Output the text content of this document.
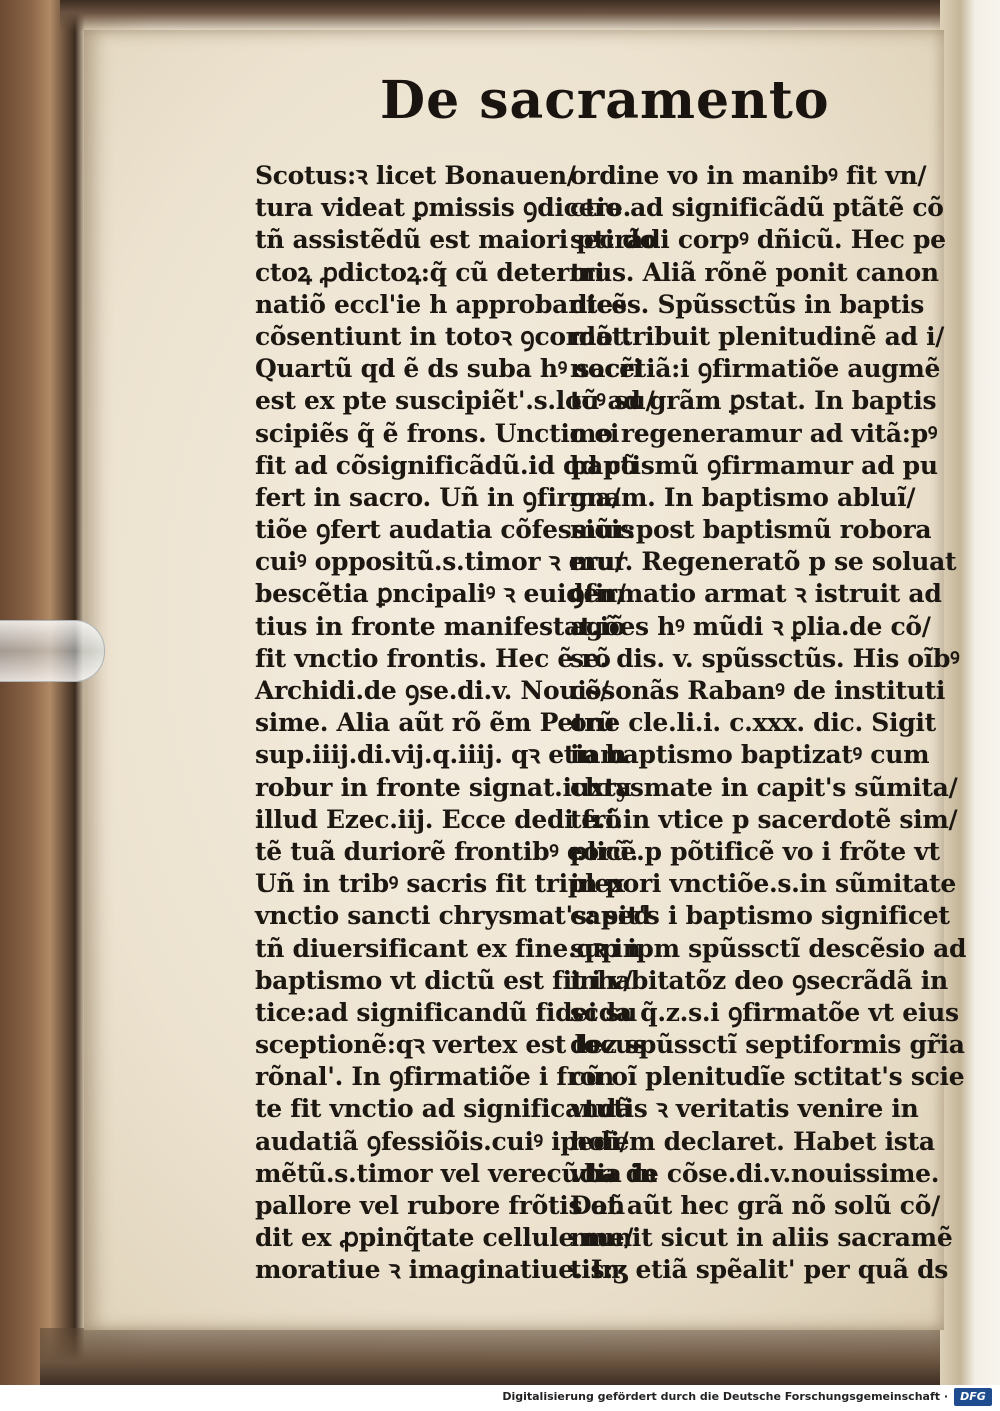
De sacramento
Scotus:ꝛ licet Bonauen/
tura videat ꝑmissis ꝯdicere.
tñ assistẽdũ est maiori pti do
ctoꝝ ꝓdictoꝝ:q̃ cũ determi
natiõ eccl'ie h approbantes
cõsentiunt in totoꝛ ꝯcordãt.
Quartũ qd ẽ ds suba hꝰ sacri
est ex pte suscipiẽt'.s.locꝰ su/
scipiẽs q̃ ẽ frons. Unctio ei
fit ad cõsignificãdũ.id qd cõ
fert in sacro. Uñ in ꝯfirma/
tiõe ꝯfert audatia cõfessiõis
cuiꝰ oppositũ.s.timor ꝛ eru/
bescẽtia ꝑncipaliꝰ ꝛ euiden/
tius in fronte manifestat.iõ
fit vnctio frontis. Hec ẽ rõ
Archidi.de ꝯse.di.v. Nouis/
sime. Alia aũt rõ ẽm Petrũ
sup.iiij.di.vij.q.iiij. qꝛ etiam
robur in fronte signat.iuxta
illud Ezec.iij. Ecce dedi frõ
tẽ tuã duriorẽ frontibꝰ eorũ.
Uñ in tribꝰ sacris fit triplex
vnctio sancti chrysmat's: sed
tñ diuersificant ex fine.qꝛ in
baptismo vt dictũ est fit i v/
tice:ad significandũ fidei su
sceptionẽ:qꝛ vertex est locus
rõnal'. In ꝯfirmatiõe i fron
te fit vnctio ad significandã
audatiã ꝯfessiõis.cuiꝰ ipedi/
mẽtũ.s.timor vel verecũdia in
pallore vel rubore frõtis oñ
dit ex ꝓpinq̃tate cellule me/
moratiue ꝛ imaginatiue. In
ordine vo in manibꝰ fit vn/
ctio ad significãdũ ptãtẽ cõ
secrãdi corpꝰ dñicũ. Hec pe
trus. Aliã rõnẽ ponit canon
dicẽs. Spũssctũs in baptis
mo tribuit plenitudinẽ ad i/
nocẽtiã:i ꝯfirmatiõe augmẽ
tũ ad grãm ꝑstat. In baptis
mo regeneramur ad vitã:pꝰ
baptismũ ꝯfirmamur ad pu
gnam. In baptismo abluĩ/
mur:post baptismũ robora
mur. Regeneratõ p se soluat
ꝯfirmatio armat ꝛ istruit ad
agões hꝰ mũdi ꝛ ꝑlia.de cõ/
se. dis. v. spũssctũs. His oĩbꝰ
cõsonãs Rabanꝰ de instituti
one cle.li.i. c.xxx. dic. Sigit
in baptismo baptizatꝰ cum
chrysmate in capit's sũmita/
te.i.in vtice p sacerdotẽ sim/
plicẽ.p põtificẽ vo i frõte vt
in pori vnctiõe.s.in sũmitate
capit's i baptismo significet
sup ipm spũssctĩ descẽsio ad
inhabitatõz deo ꝯsecrãdã in
scda q̃.z.s.i ꝯfirmatõe vt eius
dez spũssctĩ septiformis gr̃ia
cũ oĩ plenitudĩe sctitat's scie
vtutis ꝛ veritatis venire in
hoĩem declaret. Habet ista
vba de cõse.di.v.nouissime.
Dat aũt hec grã nõ solũ cõ/
munit sicut in aliis sacramẽ
tis:ʒ etiã spẽalit' per quã ds
Digitalisierung gefördert durch die Deutsche Forschungsgemeinschaft ·	DFG
